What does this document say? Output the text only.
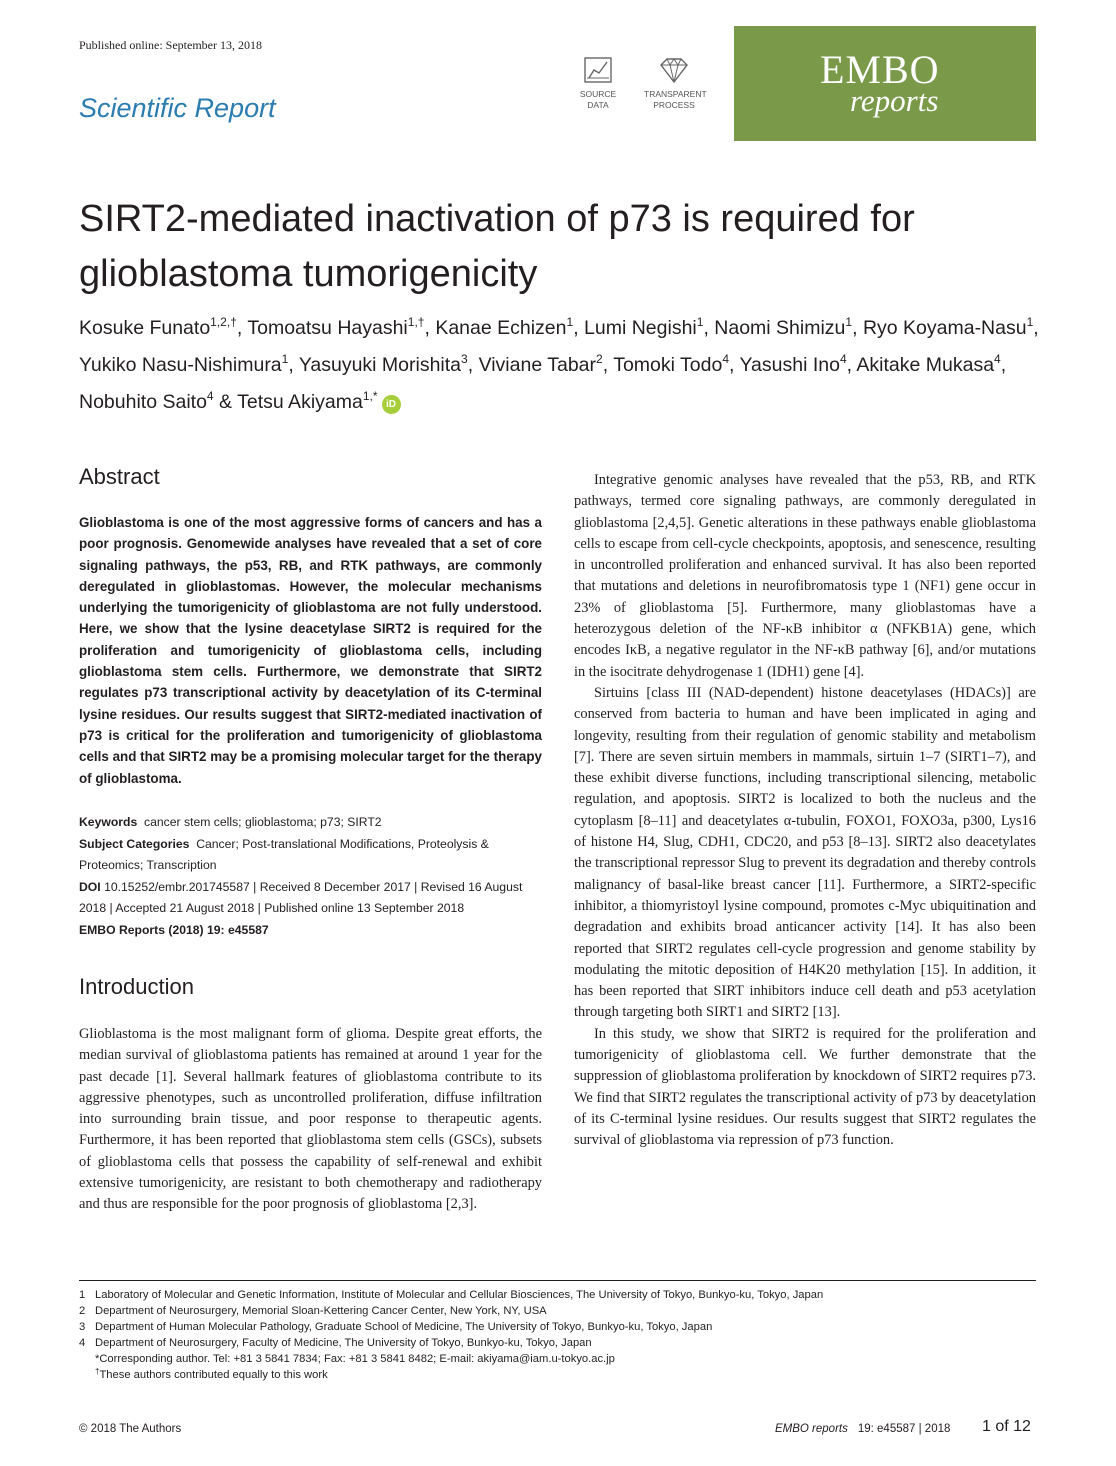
Published online: September 13, 2018
Scientific Report	SOURCE
DATA
TRANSPARENT
PROCESS
EMBO
reports
SIRT2-mediated inactivation of p73 is required for glioblastoma tumorigenicity
Kosuke Funato$^{1,2,\dagger}$, Tomoatsu Hayashi$^{1,\dagger}$, Kanae Echizen$^1$, Lumi Negishi$^1$, Naomi Shimizu$^1$, Ryo Koyama-Nasu$^1$, Yukiko Nasu-Nishimura$^1$, Yasuyuki Morishita$^3$, Viviane Tabar$^2$, Tomoki Todo$^4$, Yasushi Ino$^4$, Akitake Mukasa$^4$, Nobuhito Saito$^4$ & Tetsu Akiyama$^{1,*}$iD
Abstract
Glioblastoma is one of the most aggressive forms of cancers and has a poor prognosis. Genomewide analyses have revealed that a set of core signaling pathways, the p53, RB, and RTK pathways, are commonly deregulated in glioblastomas. However, the molecular mechanisms underlying the tumorigenicity of glioblastoma are not fully understood. Here, we show that the lysine deacetylase SIRT2 is required for the proliferation and tumorigenicity of glioblastoma cells, including glioblastoma stem cells. Furthermore, we demonstrate that SIRT2 regulates p73 transcriptional activity by deacetylation of its C-terminal lysine residues. Our results suggest that SIRT2-mediated inactivation of p73 is critical for the proliferation and tumorigenicity of glioblastoma cells and that SIRT2 may be a promising molecular target for the therapy of glioblastoma.
Keywords cancer stem cells; glioblastoma; p73; SIRT2
Subject Categories Cancer; Post-translational Modifications, Proteolysis & Proteomics; Transcription
DOI 10.15252/embr.201745587 | Received 8 December 2017 | Revised 16 August 2018 | Accepted 21 August 2018 | Published online 13 September 2018
EMBO Reports (2018) 19: e45587
Introduction
Glioblastoma is the most malignant form of glioma. Despite great efforts, the median survival of glioblastoma patients has remained at around 1 year for the past decade [1]. Several hallmark features of glioblastoma contribute to its aggressive phenotypes, such as uncontrolled proliferation, diffuse infiltration into surrounding brain tissue, and poor response to therapeutic agents. Furthermore, it has been reported that glioblastoma stem cells (GSCs), subsets of glioblastoma cells that possess the capability of self-renewal and exhibit extensive tumorigenicity, are resistant to both chemotherapy and radiotherapy and thus are responsible for the poor prognosis of glioblastoma [2,3].

Integrative genomic analyses have revealed that the p53, RB, and RTK pathways, termed core signaling pathways, are commonly deregulated in glioblastoma [2,4,5]. Genetic alterations in these pathways enable glioblastoma cells to escape from cell-cycle checkpoints, apoptosis, and senescence, resulting in uncontrolled proliferation and enhanced survival. It has also been reported that mutations and deletions in neurofibromatosis type 1 (NF1) gene occur in 23% of glioblastoma [5]. Furthermore, many glioblastomas have a heterozygous deletion of the NF-κB inhibitor α (NFKB1A) gene, which encodes IκB, a negative regulator in the NF-κB pathway [6], and/or mutations in the isocitrate dehydrogenase 1 (IDH1) gene [4].

Sirtuins [class III (NAD-dependent) histone deacetylases (HDACs)] are conserved from bacteria to human and have been implicated in aging and longevity, resulting from their regulation of genomic stability and metabolism [7]. There are seven sirtuin members in mammals, sirtuin 1–7 (SIRT1–7), and these exhibit diverse functions, including transcriptional silencing, metabolic regulation, and apoptosis. SIRT2 is localized to both the nucleus and the cytoplasm [8–11] and deacetylates α-tubulin, FOXO1, FOXO3a, p300, Lys16 of histone H4, Slug, CDH1, CDC20, and p53 [8–13]. SIRT2 also deacetylates the transcriptional repressor Slug to prevent its degradation and thereby controls malignancy of basal-like breast cancer [11]. Furthermore, a SIRT2-specific inhibitor, a thiomyristoyl lysine compound, promotes c-Myc ubiquitination and degradation and exhibits broad anticancer activity [14]. It has also been reported that SIRT2 regulates cell-cycle progression and genome stability by modulating the mitotic deposition of H4K20 methylation [15]. In addition, it has been reported that SIRT inhibitors induce cell death and p53 acetylation through targeting both SIRT1 and SIRT2 [13].

In this study, we show that SIRT2 is required for the proliferation and tumorigenicity of glioblastoma cell. We further demonstrate that the suppression of glioblastoma proliferation by knockdown of SIRT2 requires p73. We find that SIRT2 regulates the transcriptional activity of p73 by deacetylation of its C-terminal lysine residues. Our results suggest that SIRT2 regulates the survival of glioblastoma via repression of p73 function.

1 Laboratory of Molecular and Genetic Information, Institute of Molecular and Cellular Biosciences, The University of Tokyo, Bunkyo-ku, Tokyo, Japan
2 Department of Neurosurgery, Memorial Sloan-Kettering Cancer Center, New York, NY, USA
3 Department of Human Molecular Pathology, Graduate School of Medicine, The University of Tokyo, Bunkyo-ku, Tokyo, Japan
4 Department of Neurosurgery, Faculty of Medicine, The University of Tokyo, Bunkyo-ku, Tokyo, Japan
*Corresponding author. Tel: +81 3 5841 7834; Fax: +81 3 5841 8482; E-mail: akiyama@iam.u-tokyo.ac.jp
†These authors contributed equally to this work
© 2018 The Authors	EMBO reports 19: e45587 | 2018 1 of 12
